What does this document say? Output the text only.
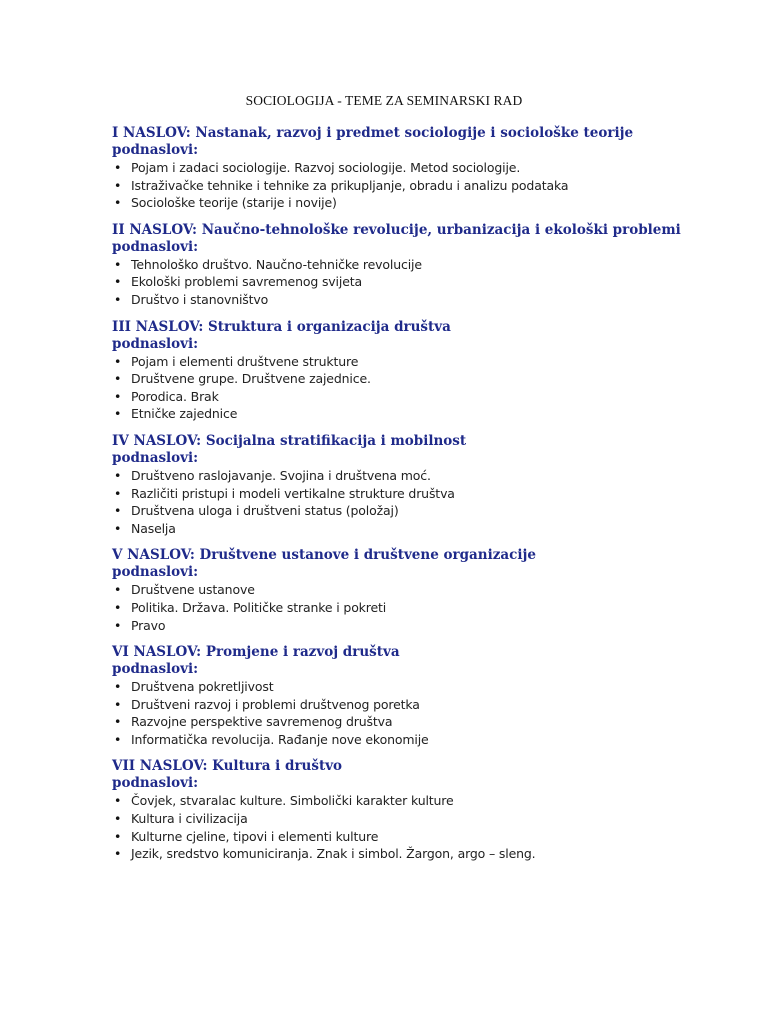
SOCIOLOGIJA - TEME ZA SEMINARSKI RAD
I NASLOV: Nastanak, razvoj i predmet sociologije i sociološke teorije
podnaslovi:
• Pojam i zadaci sociologije. Razvoj sociologije. Metod sociologije.
• Istraživačke tehnike i tehnike za prikupljanje, obradu i analizu podataka
• Sociološke teorije (starije i novije)
II NASLOV: Naučno-tehnološke revolucije, urbanizacija i ekološki problemi
podnaslovi:
• Tehnološko društvo. Naučno-tehničke revolucije
• Ekološki problemi savremenog svijeta
• Društvo i stanovništvo
III NASLOV: Struktura i organizacija društva
podnaslovi:
• Pojam i elementi društvene strukture
• Društvene grupe. Društvene zajednice.
• Porodica. Brak
• Etničke zajednice
IV NASLOV: Socijalna stratifikacija i mobilnost
podnaslovi:
• Društveno raslojavanje. Svojina i društvena moć.
• Različiti pristupi i modeli vertikalne strukture društva
• Društvena uloga i društveni status (položaj)
• Naselja
V NASLOV: Društvene ustanove i društvene organizacije
podnaslovi:
• Društvene ustanove
• Politika. Država. Političke stranke i pokreti
• Pravo
VI NASLOV: Promjene i razvoj društva
podnaslovi:
• Društvena pokretljivost
• Društveni razvoj i problemi društvenog poretka
• Razvojne perspektive savremenog društva
• Informatička revolucija. Rađanje nove ekonomije
VII NASLOV: Kultura i društvo
podnaslovi:
• Čovjek, stvaralac kulture. Simbolički karakter kulture
• Kultura i civilizacija
• Kulturne cjeline, tipovi i elementi kulture
• Jezik, sredstvo komuniciranja. Znak i simbol. Žargon, argo – sleng.
